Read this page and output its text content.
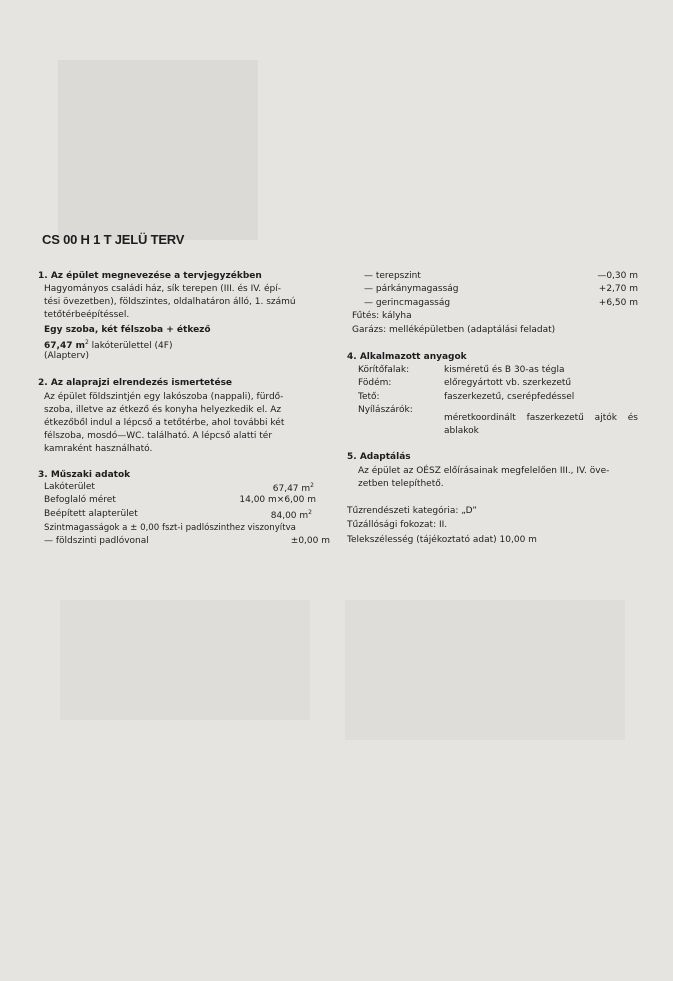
CS 00 H 1 T JELÜ TERV
1. Az épület megnevezése a tervjegyzékben
Hagyományos családi ház, sík terepen (III. és IV. épí-
tési övezetben), földszintes, oldalhatáron álló, 1. számú
tetőtérbeépítéssel.
Egy szoba, két félszoba + étkező
67,47 $m^2$ lakóterülettel (4F)
(Alapterv)
2. Az alaprajzi elrendezés ismertetése
Az épület földszintjén egy lakószoba (nappali), fürdő-
szoba, illetve az étkező és konyha helyezkedik el. Az
étkezőből indul a lépcső a tetőtérbe, ahol további két
félszoba, mosdó—WC. található. A lépcső alatti tér
kamraként használható.
3. Műszaki adatok
Lakóterület	67,47 $m^2$
Befoglaló méret	14,00 m×6,00 m
Beépített alapterület	84,00 $m^2$
Szintmagasságok a ± 0,00 fszt-i padlószinthez viszonyítva
— földszinti padlóvonal	±0,00 m
— terepszint	—0,30 m
— párkánymagasság	+2,70 m
— gerincmagasság	+6,50 m
Fűtés: kályha
Garázs: melléképületben (adaptálási feladat)
4. Alkalmazott anyagok
Körítőfalak:	kisméretű és B 30-as tégla
Födém:	előregyártott vb. szerkezetű
Tető:	faszerkezetű, cserépfedéssel
Nyílászárók:
méretkoordinált faszerkezetű ajtók és
ablakok
5. Adaptálás
Az épület az OÉSZ előírásainak megfelelően III., IV. öve-
zetben telepíthető.
Tűzrendészeti kategória: „D”
Tűzállósági fokozat: II.
Telekszélesség (tájékoztató adat) 10,00 m
